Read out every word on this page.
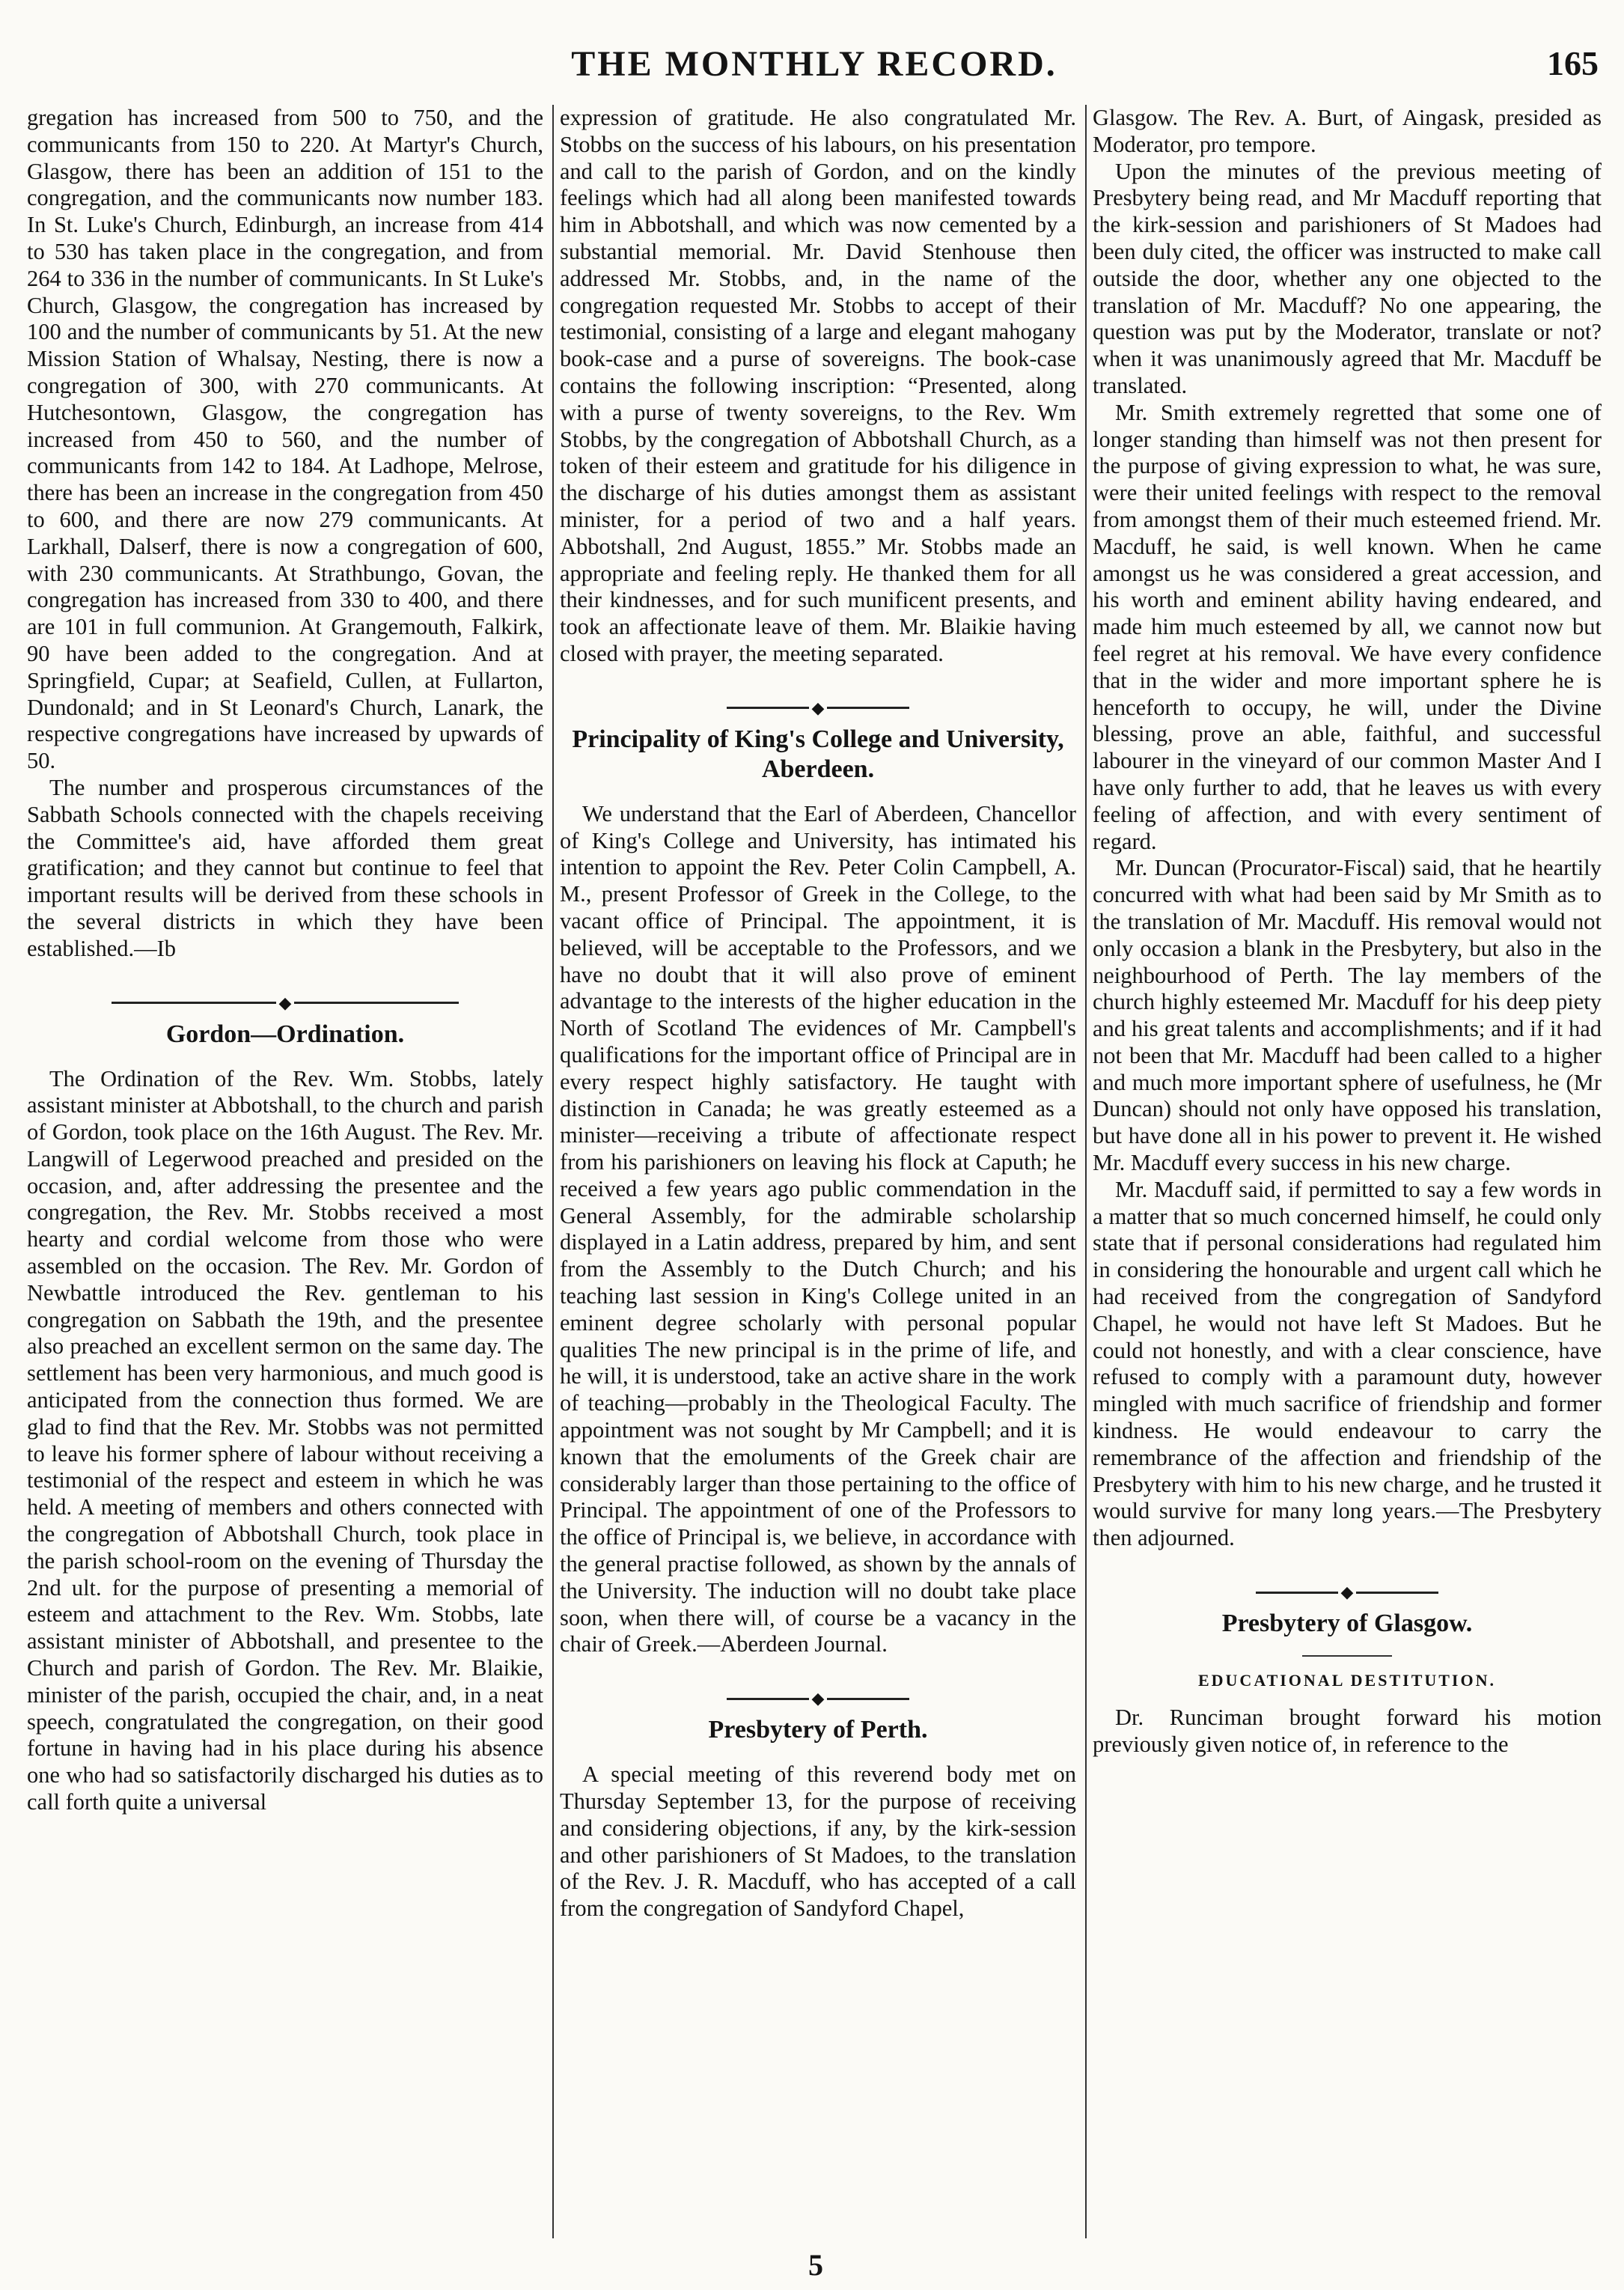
THE MONTHLY RECORD.	165

gregation has increased from 500 to 750, and the communicants from 150 to 220. At Martyr's Church, Glasgow, there has been an addition of 151 to the congregation, and the communicants now number 183. In St. Luke's Church, Edinburgh, an increase from 414 to 530 has taken place in the congregation, and from 264 to 336 in the number of communicants. In St Luke's Church, Glasgow, the congregation has increased by 100 and the number of communicants by 51. At the new Mission Station of Whalsay, Nesting, there is now a congregation of 300, with 270 communicants. At Hutchesontown, Glasgow, the congregation has increased from 450 to 560, and the number of communicants from 142 to 184. At Ladhope, Melrose, there has been an increase in the congregation from 450 to 600, and there are now 279 communicants. At Larkhall, Dalserf, there is now a congregation of 600, with 230 communicants. At Strathbungo, Govan, the congregation has increased from 330 to 400, and there are 101 in full communion. At Grangemouth, Falkirk, 90 have been added to the congregation. And at Springfield, Cupar; at Seafield, Cullen, at Fullarton, Dundonald; and in St Leonard's Church, Lanark, the respective congregations have increased by upwards of 50.

The number and prosperous circumstances of the Sabbath Schools connected with the chapels receiving the Committee's aid, have afforded them great gratification; and they cannot but continue to feel that important results will be derived from these schools in the several districts in which they have been established.—Ib

◆
Gordon—Ordination.

The Ordination of the Rev. Wm. Stobbs, lately assistant minister at Abbotshall, to the church and parish of Gordon, took place on the 16th August. The Rev. Mr. Langwill of Legerwood preached and presided on the occasion, and, after addressing the presentee and the congregation, the Rev. Mr. Stobbs received a most hearty and cordial welcome from those who were assembled on the occasion. The Rev. Mr. Gordon of Newbattle introduced the Rev. gentleman to his congregation on Sabbath the 19th, and the presentee also preached an excellent sermon on the same day. The settlement has been very harmonious, and much good is anticipated from the connection thus formed. We are glad to find that the Rev. Mr. Stobbs was not permitted to leave his former sphere of labour without receiving a testimonial of the respect and esteem in which he was held. A meeting of members and others connected with the congregation of Abbotshall Church, took place in the parish school-room on the evening of Thursday the 2nd ult. for the purpose of presenting a memorial of esteem and attachment to the Rev. Wm. Stobbs, late assistant minister of Abbotshall, and presentee to the Church and parish of Gordon. The Rev. Mr. Blaikie, minister of the parish, occupied the chair, and, in a neat speech, congratulated the congregation, on their good fortune in having had in his place during his absence one who had so satisfactorily discharged his duties as to call forth quite a universal

expression of gratitude. He also congratulated Mr. Stobbs on the success of his labours, on his presentation and call to the parish of Gordon, and on the kindly feelings which had all along been manifested towards him in Abbotshall, and which was now cemented by a substantial memorial. Mr. David Stenhouse then addressed Mr. Stobbs, and, in the name of the congregation requested Mr. Stobbs to accept of their testimonial, consisting of a large and elegant mahogany book-case and a purse of sovereigns. The book-case contains the following inscription: “Presented, along with a purse of twenty sovereigns, to the Rev. Wm Stobbs, by the congregation of Abbotshall Church, as a token of their esteem and gratitude for his diligence in the discharge of his duties amongst them as assistant minister, for a period of two and a half years. Abbotshall, 2nd August, 1855.” Mr. Stobbs made an appropriate and feeling reply. He thanked them for all their kindnesses, and for such munificent presents, and took an affectionate leave of them. Mr. Blaikie having closed with prayer, the meeting separated.

◆
Principality of King's College and University, Aberdeen.

We understand that the Earl of Aberdeen, Chancellor of King's College and University, has intimated his intention to appoint the Rev. Peter Colin Campbell, A. M., present Professor of Greek in the College, to the vacant office of Principal. The appointment, it is believed, will be acceptable to the Professors, and we have no doubt that it will also prove of eminent advantage to the interests of the higher education in the North of Scotland The evidences of Mr. Campbell's qualifications for the important office of Principal are in every respect highly satisfactory. He taught with distinction in Canada; he was greatly esteemed as a minister—receiving a tribute of affectionate respect from his parishioners on leaving his flock at Caputh; he received a few years ago public commendation in the General Assembly, for the admirable scholarship displayed in a Latin address, prepared by him, and sent from the Assembly to the Dutch Church; and his teaching last session in King's College united in an eminent degree scholarly with personal popular qualities The new principal is in the prime of life, and he will, it is understood, take an active share in the work of teaching—probably in the Theological Faculty. The appointment was not sought by Mr Campbell; and it is known that the emoluments of the Greek chair are considerably larger than those pertaining to the office of Principal. The appointment of one of the Professors to the office of Principal is, we believe, in accordance with the general practise followed, as shown by the annals of the University. The induction will no doubt take place soon, when there will, of course be a vacancy in the chair of Greek.—Aberdeen Journal.

◆
Presbytery of Perth.

A special meeting of this reverend body met on Thursday September 13, for the purpose of receiving and considering objections, if any, by the kirk-session and other parishioners of St Madoes, to the translation of the Rev. J. R. Macduff, who has accepted of a call from the congregation of Sandyford Chapel,

Glasgow. The Rev. A. Burt, of Aingask, presided as Moderator, pro tempore.

Upon the minutes of the previous meeting of Presbytery being read, and Mr Macduff reporting that the kirk-session and parishioners of St Madoes had been duly cited, the officer was instructed to make call outside the door, whether any one objected to the translation of Mr. Macduff? No one appearing, the question was put by the Moderator, translate or not? when it was unanimously agreed that Mr. Macduff be translated.

Mr. Smith extremely regretted that some one of longer standing than himself was not then present for the purpose of giving expression to what, he was sure, were their united feelings with respect to the removal from amongst them of their much esteemed friend. Mr. Macduff, he said, is well known. When he came amongst us he was considered a great accession, and his worth and eminent ability having endeared, and made him much esteemed by all, we cannot now but feel regret at his removal. We have every confidence that in the wider and more important sphere he is henceforth to occupy, he will, under the Divine blessing, prove an able, faithful, and successful labourer in the vineyard of our common Master And I have only further to add, that he leaves us with every feeling of affection, and with every sentiment of regard.

Mr. Duncan (Procurator-Fiscal) said, that he heartily concurred with what had been said by Mr Smith as to the translation of Mr. Macduff. His removal would not only occasion a blank in the Presbytery, but also in the neighbourhood of Perth. The lay members of the church highly esteemed Mr. Macduff for his deep piety and his great talents and accomplishments; and if it had not been that Mr. Macduff had been called to a higher and much more important sphere of usefulness, he (Mr Duncan) should not only have opposed his translation, but have done all in his power to prevent it. He wished Mr. Macduff every success in his new charge.

Mr. Macduff said, if permitted to say a few words in a matter that so much concerned himself, he could only state that if personal considerations had regulated him in considering the honourable and urgent call which he had received from the congregation of Sandyford Chapel, he would not have left St Madoes. But he could not honestly, and with a clear conscience, have refused to comply with a paramount duty, however mingled with much sacrifice of friendship and former kindness. He would endeavour to carry the remembrance of the affection and friendship of the Presbytery with him to his new charge, and he trusted it would survive for many long years.—The Presbytery then adjourned.

◆
Presbytery of Glasgow.
EDUCATIONAL DESTITUTION.

Dr. Runciman brought forward his motion previously given notice of, in reference to the

5
